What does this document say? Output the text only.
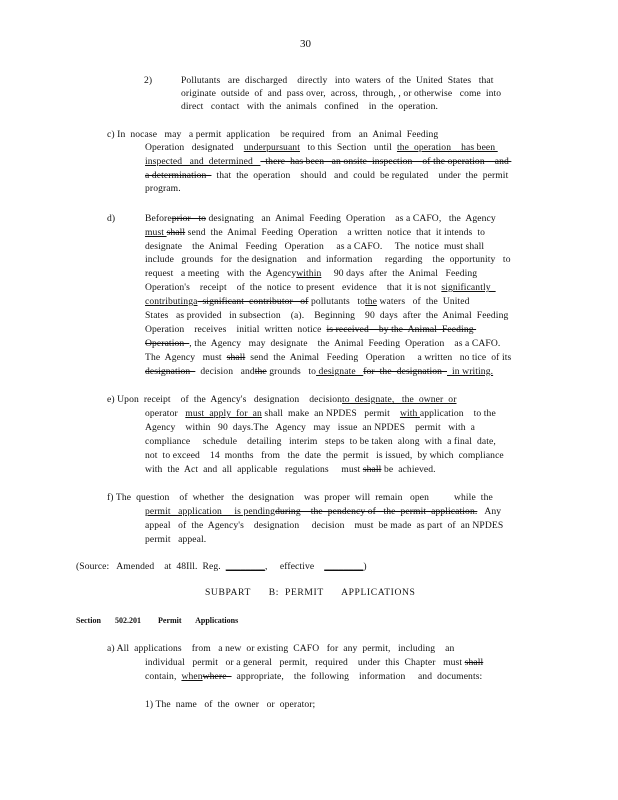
30
2)	Pollutants   are  discharged    directly   into  waters  of  the  United  States   that
originate  outside  of  and  pass over,  across,  through, , or otherwise   come  into
direct   contact   with  the  animals   confined    in  the  operation.
c) In  nocase   may   a permit  application    be required   from   an  Animal  Feeding
Operation   designated    underpursuant   to this  Section   until  the  operation    has been
inspected   and  determined     there  has been   an onsite  inspection    of the operation    and
a determination    that  the  operation    should   and  could  be regulated    under  the  permit
program.
d)	Beforeprior   to designating   an  Animal  Feeding  Operation    as a CAFO,   the  Agency
must shall send  the  Animal  Feeding  Operation    a written  notice  that  it intends  to
designate    the  Animal   Feeding   Operation     as a CAFO.     The  notice  must shall
include   grounds   for  the designation    and  information     regarding    the  opportunity   to
request   a meeting   with  the  Agencywithin     90 days  after  the  Animal   Feeding
Operation's    receipt    of  the  notice  to present   evidence    that  it is not  significantly
contributinga  significant  contributor   of pollutants   tothe waters   of  the  United
States   as provided   in subsection    (a).    Beginning    90  days  after  the  Animal  Feeding
Operation    receives    initial  written  notice  is received    by the  Animal  Feeding
Operation  , the  Agency   may  designate    the  Animal  Feeding  Operation    as a CAFO.
The  Agency   must  shall  send  the  Animal   Feeding   Operation     a written   no tice  of its
designation    decision   andthe grounds   to designate   for  the  designation    in writing.
e) Upon  receipt    of  the  Agency's   designation    decisionto  designate,   the  owner  or
operator   must  apply  for  an shall  make  an NPDES   permit    with application    to the
Agency    within   90  days.The   Agency   may   issue  an NPDES    permit   with  a
compliance     schedule    detailing   interim   steps  to be taken  along  with  a final  date,
not  to exceed    14  months   from   the  date  the  permit   is issued,  by which  compliance
with  the  Act  and  all  applicable   regulations     must shall be  achieved.
f) The  question    of  whether   the  designation    was  proper  will  remain   open          while  the
permit   application     is pendingduring    the  pendency of   the  permit  application.   Any
appeal   of  the  Agency's    designation     decision    must  be made  as part  of  an NPDES
permit   appeal.
(Source:   Amended    at  48Ill.  Reg.  ________,     effective    ________)
SUBPART      B:  PERMIT      APPLICATIONS
Section 502.201 Permit       Applications
a) All  applications    from   a new  or existing  CAFO   for  any  permit,   including    an
individual   permit   or a general   permit,   required    under  this  Chapter   must shall
contain,  whenwhere    appropriate,    the  following    information     and  documents:
1) The  name   of  the  owner   or  operator;
